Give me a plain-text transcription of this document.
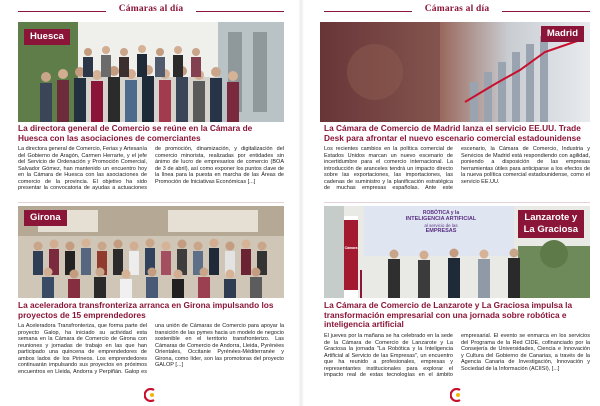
Cámaras al día
Huesca
La directora general de Comercio se reúne en la Cámara de Huesca con las asociaciones de comerciantes
La directora general de Comercio, Ferias y Artesanía del Gobierno de Aragón, Carmen Herrarte, y el jefe del Servicio de Ordenación y Promoción Comercial, Salvador Gómez, han mantenido un encuentro hoy en la Cámara de Huesca con las asociaciones de comercio de la provincia. El objetivo ha sido presentar la convocatoria de ayudas a actuaciones de promoción, dinamización, y digitalización del comercio minorista, realizadas por entidades sin ánimo de lucro de empresarios de comercio (BOA de 3 de abril), así como exponer los puntos clave de la línea para la puesta en marcha de las Áreas de Promoción de Iniciativas Económicas [...]
Girona
La aceleradora transfronteriza arranca en Girona impulsando los proyectos de 15 emprendedores
La Aceleradora Transfronteriza, que forma parte del proyecto Galop, ha iniciado su actividad esta semana en la Cámara de Comercio de Girona con reuniones y jornadas de trabajo en las que han participado una quincena de emprendedores de ambos lados de los Pirineos. Los emprendedores continuarán impulsando sus proyectos en próximos encuentros en Lleida, Andorra y Perpiñán. Galop es una unión de Cámaras de Comercio para apoyar la transición de las pymes hacia un modelo de negocio sostenible en el territorio transfronterizo. Las Cámaras de Comercio de Andorra, Lleida, Pyrénées Orientales, Occitanie Pyrénées-Méditerranée y Girona, como líder, son las promotoras del proyecto GALOP [...]
Cámaras al día
Madrid
La Cámara de Comercio de Madrid lanza el servicio EE.UU. Trade Desk para afrontar el nuevo escenario comercial estadounidense
Los recientes cambios en la política comercial de Estados Unidos marcan un nuevo escenario de incertidumbre para el comercio internacional. La introducción de aranceles tendrá un impacto directo sobre las exportaciones, las importaciones, las cadenas de suministro y la planificación estratégica de muchas empresas españolas. Ante este escenario, la Cámara de Comercio, Industria y Servicios de Madrid está respondiendo con agilidad, poniendo a disposición de las empresas herramientas útiles para anticiparse a los efectos de la nueva política comercial estadounidense, como el servicio EE.UU.
ROBÓTICA y la
INTELIGENCIA ARTIFICIAL
al servicio de las
EMPRESAS
Cámara
Lanzarote y
La Graciosa
La Cámara de Comercio de Lanzarote y La Graciosa impulsa la transformación empresarial con una jornada sobre robótica e inteligencia artificial
El jueves por la mañana se ha celebrado en la sede de la Cámara de Comercio de Lanzarote y La Graciosa la jornada "La Robótica y la Inteligencia Artificial al Servicio de las Empresas", un encuentro que ha reunido a profesionales, empresas y representantes institucionales para explorar el impacto real de estas tecnologías en el ámbito empresarial. El evento se enmarca en los servicios del Programa de la Red CIDE, cofinanciado por la Consejería de Universidades, Ciencia e Innovación y Cultura del Gobierno de Canarias, a través de la Agencia Canaria de Investigación, Innovación y Sociedad de la Información (ACIISI), [...]
